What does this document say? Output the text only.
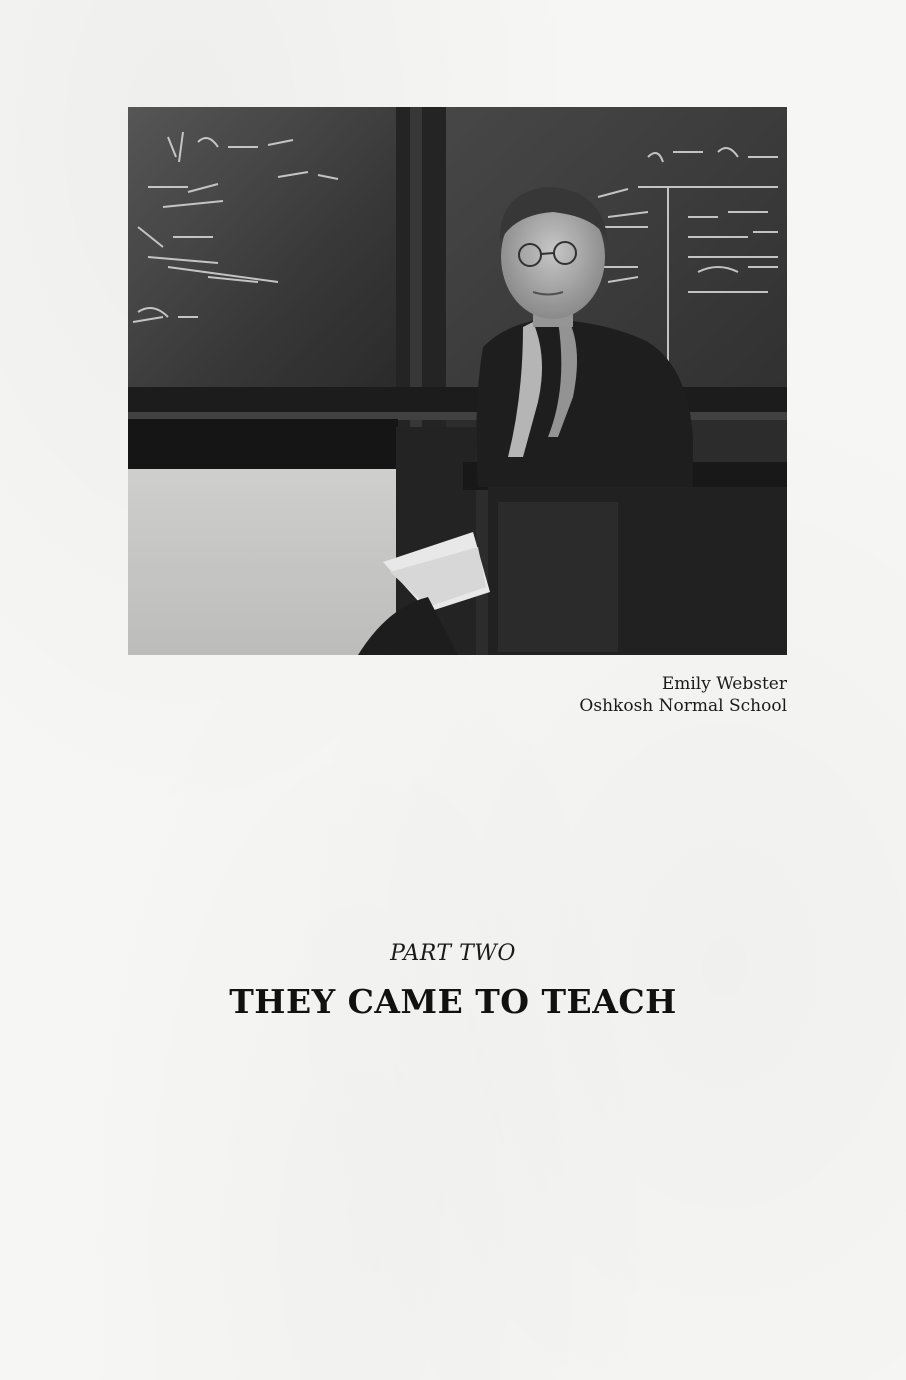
Emily Webster
Oshkosh Normal School
PART TWO
THEY CAME TO TEACH
